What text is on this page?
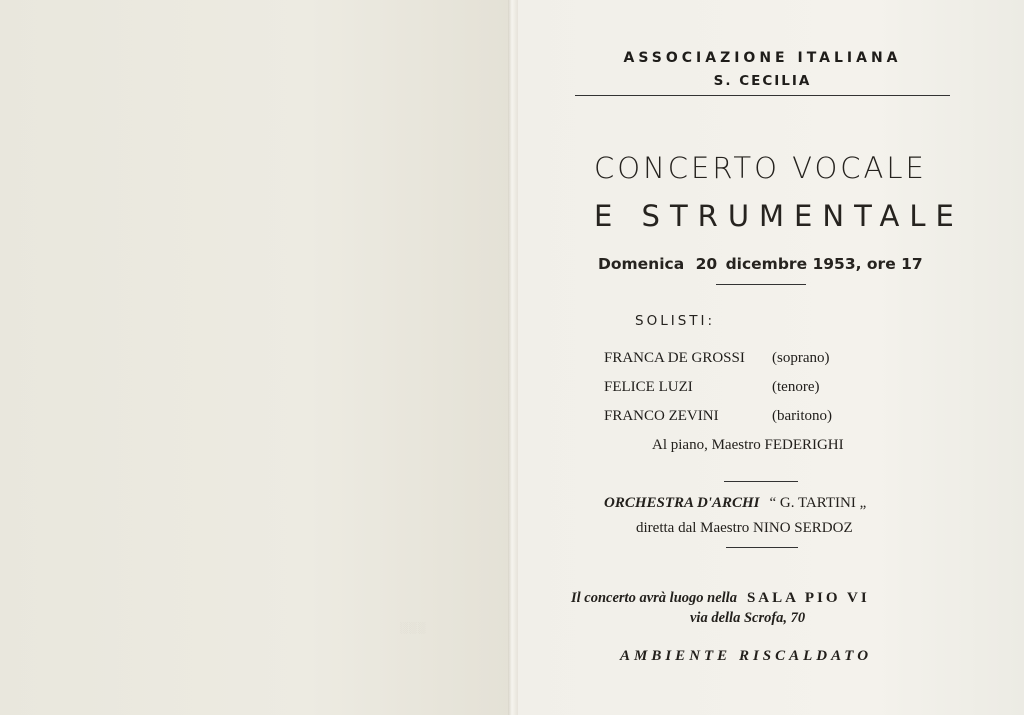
░░░
ASSOCIAZIONE ITALIANA
S. CECILIA
CONCERTO VOCALE
E STRUMENTALE
Domenica 20 dicembre 1953, ore 17
SOLISTI:
FRANCA DE GROSSI (soprano)
FELICE LUZI	(tenore)
FRANCO ZEVINI	(baritono)
Al piano, Maestro FEDERIGHI
ORCHESTRA D'ARCHI “ G. TARTINI „
diretta dal Maestro NINO SERDOZ
Il concerto avrà luogo nella SALA PIO VI
via della Scrofa, 70
AMBIENTE RISCALDATO
